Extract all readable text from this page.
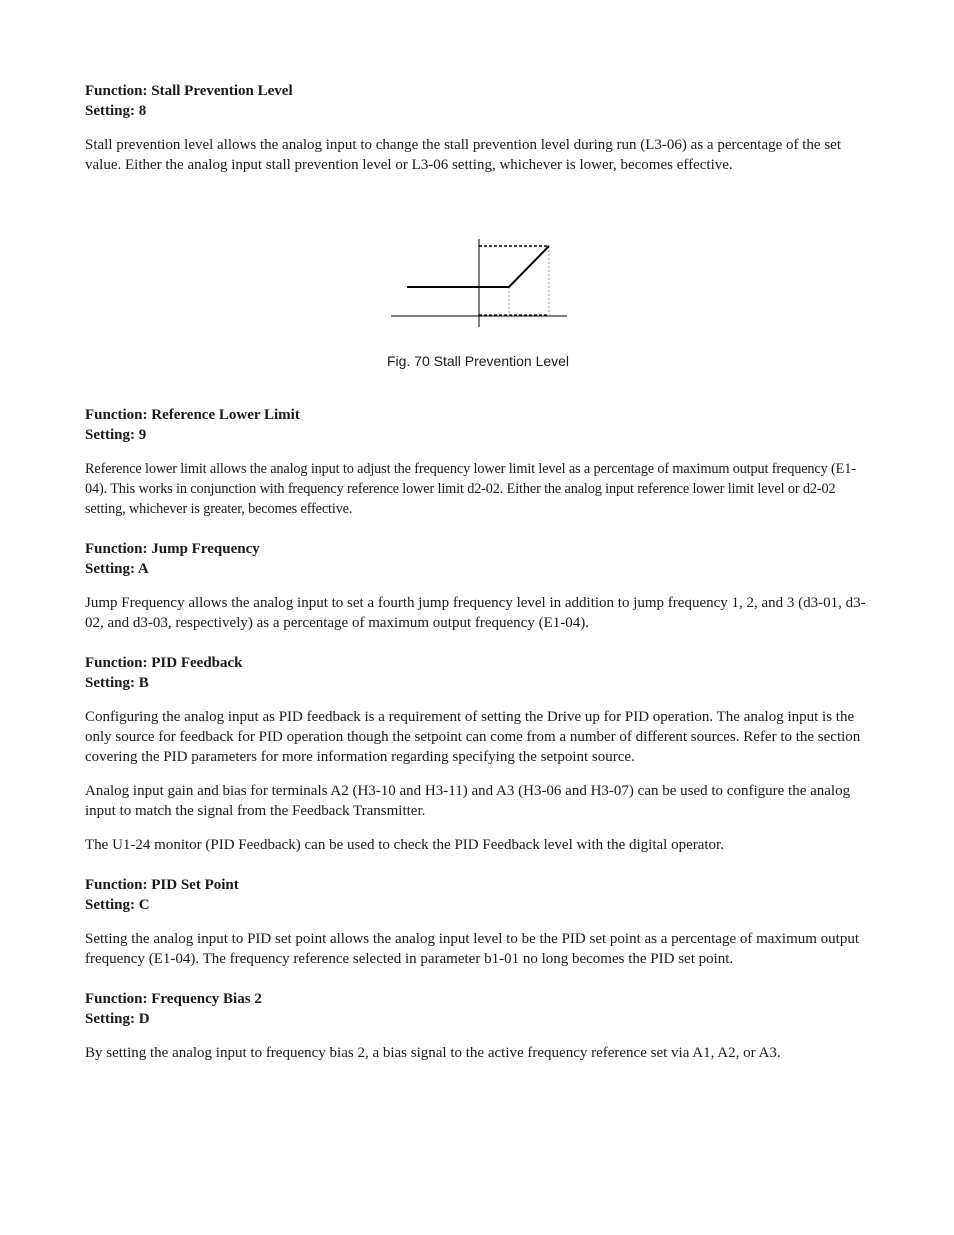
Function: Stall Prevention Level

Setting: 8

Stall prevention level allows the analog input to change the stall prevention level during run (L3-06) as a percentage of the set value. Either the analog input stall prevention level or L3-06 setting, whichever is lower, becomes effective.

Fig. 70 Stall Prevention Level

Function: Reference Lower Limit

Setting: 9

Reference lower limit allows the analog input to adjust the frequency lower limit level as a percentage of maximum output frequency (E1-04). This works in conjunction with frequency reference lower limit d2-02. Either the analog input reference lower limit level or d2-02 setting, whichever is greater, becomes effective.

Function: Jump Frequency

Setting: A

Jump Frequency allows the analog input to set a fourth jump frequency level in addition to jump frequency 1, 2, and 3 (d3-01, d3-02, and d3-03, respectively) as a percentage of maximum output frequency (E1-04).

Function: PID Feedback

Setting: B

Configuring the analog input as PID feedback is a requirement of setting the Drive up for PID operation. The analog input is the only source for feedback for PID operation though the setpoint can come from a number of different sources. Refer to the section covering the PID parameters for more information regarding specifying the setpoint source.

Analog input gain and bias for terminals A2 (H3-10 and H3-11) and A3 (H3-06 and H3-07) can be used to configure the analog input to match the signal from the Feedback Transmitter.

The U1-24 monitor (PID Feedback) can be used to check the PID Feedback level with the digital operator.

Function: PID Set Point

Setting: C

Setting the analog input to PID set point allows the analog input level to be the PID set point as a percentage of maximum output frequency (E1-04). The frequency reference selected in parameter b1-01 no long becomes the PID set point.

Function: Frequency Bias 2

Setting: D

By setting the analog input to frequency bias 2, a bias signal to the active frequency reference set via A1, A2, or A3.
